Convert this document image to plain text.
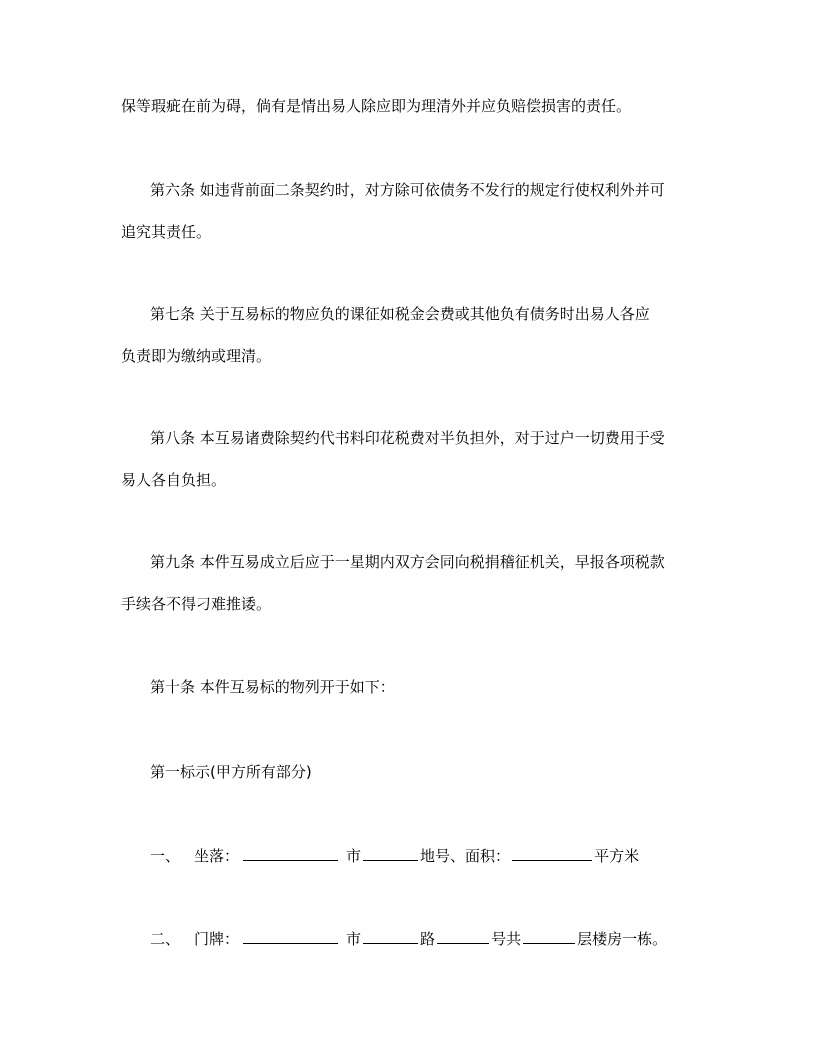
保等瑕疵在前为碍，倘有是情出易人除应即为理清外并应负赔偿损害的责任。
第六条 如违背前面二条契约时，对方除可依债务不发行的规定行使权利外并可
追究其责任。
第七条 关于互易标的物应负的课征如税金会费或其他负有债务时出易人各应
负责即为缴纳或理清。
第八条 本互易诸费除契约代书料印花税费对半负担外，对于过户一切费用于受
易人各自负担。
第九条 本件互易成立后应于一星期内双方会同向税捐稽征机关，早报各项税款
手续各不得刁难推诿。
第十条 本件互易标的物列开于如下：
第一标示(甲方所有部分)
一、 坐落：	市	地号、面积：	平方米
二、 门牌：	市	路	号共	层楼房一栋。
